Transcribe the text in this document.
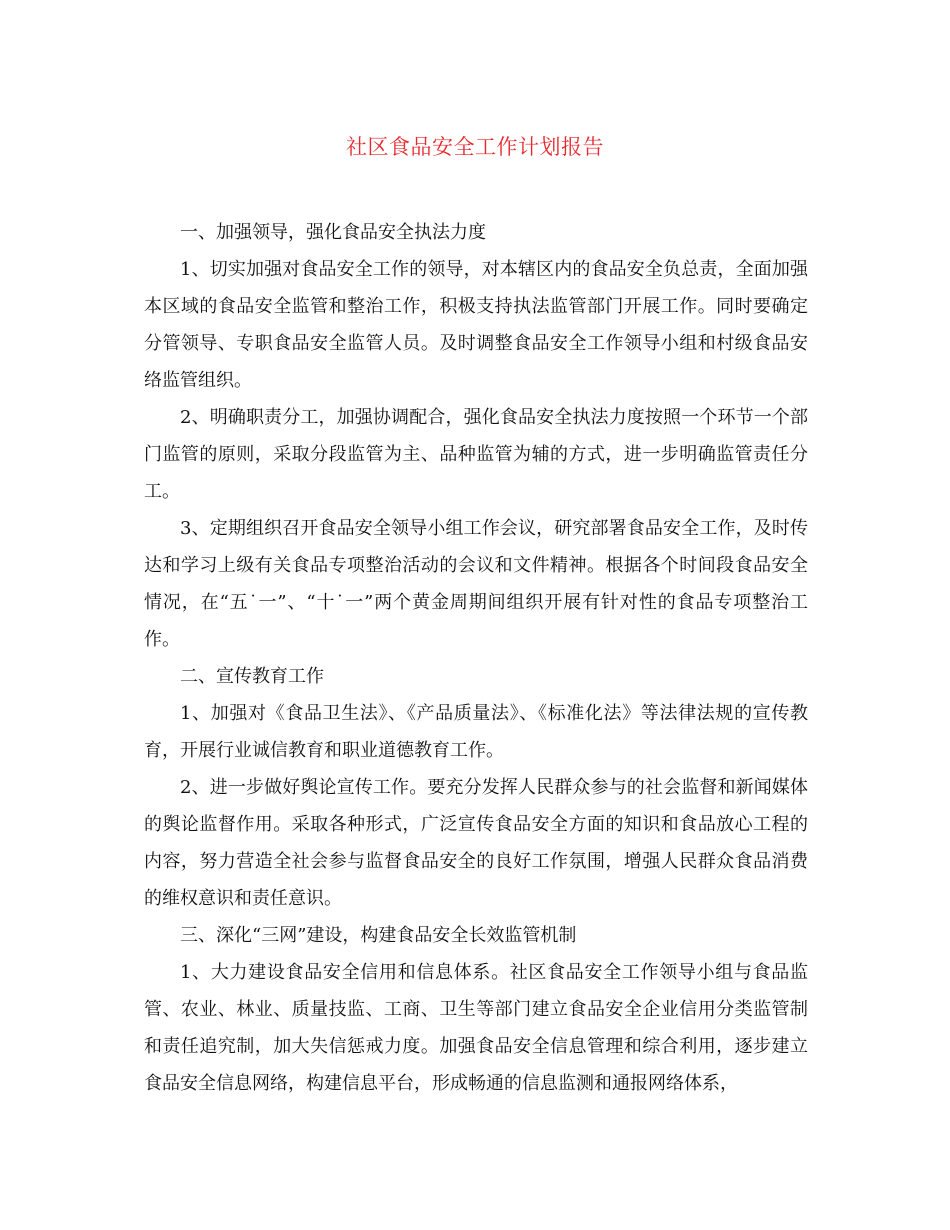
社区食品安全工作计划报告

一、加强领导，强化食品安全执法力度

1、切实加强对食品安全工作的领导，对本辖区内的食品安全负总责，全面加强本区域的食品安全监管和整治工作，积极支持执法监管部门开展工作。同时要确定分管领导、专职食品安全监管人员。及时调整食品安全工作领导小组和村级食品安络监管组织。

2、明确职责分工，加强协调配合，强化食品安全执法力度按照一个环节一个部门监管的原则，采取分段监管为主、品种监管为辅的方式，进一步明确监管责任分工。

3、定期组织召开食品安全领导小组工作会议，研究部署食品安全工作，及时传达和学习上级有关食品专项整治活动的会议和文件精神。根据各个时间段食品安全情况，在“五˙一”、“十˙一”两个黄金周期间组织开展有针对性的食品专项整治工作。

二、宣传教育工作

1、加强对《食品卫生法》、《产品质量法》、《标准化法》等法律法规的宣传教育，开展行业诚信教育和职业道德教育工作。

2、进一步做好舆论宣传工作。要充分发挥人民群众参与的社会监督和新闻媒体的舆论监督作用。采取各种形式，广泛宣传食品安全方面的知识和食品放心工程的内容，努力营造全社会参与监督食品安全的良好工作氛围，增强人民群众食品消费的维权意识和责任意识。

三、深化“三网”建设，构建食品安全长效监管机制

1、大力建设食品安全信用和信息体系。社区食品安全工作领导小组与食品监管、农业、林业、质量技监、工商、卫生等部门建立食品安全企业信用分类监管制和责任追究制，加大失信惩戒力度。加强食品安全信息管理和综合利用，逐步建立食品安全信息网络，构建信息平台，形成畅通的信息监测和通报网络体系，
